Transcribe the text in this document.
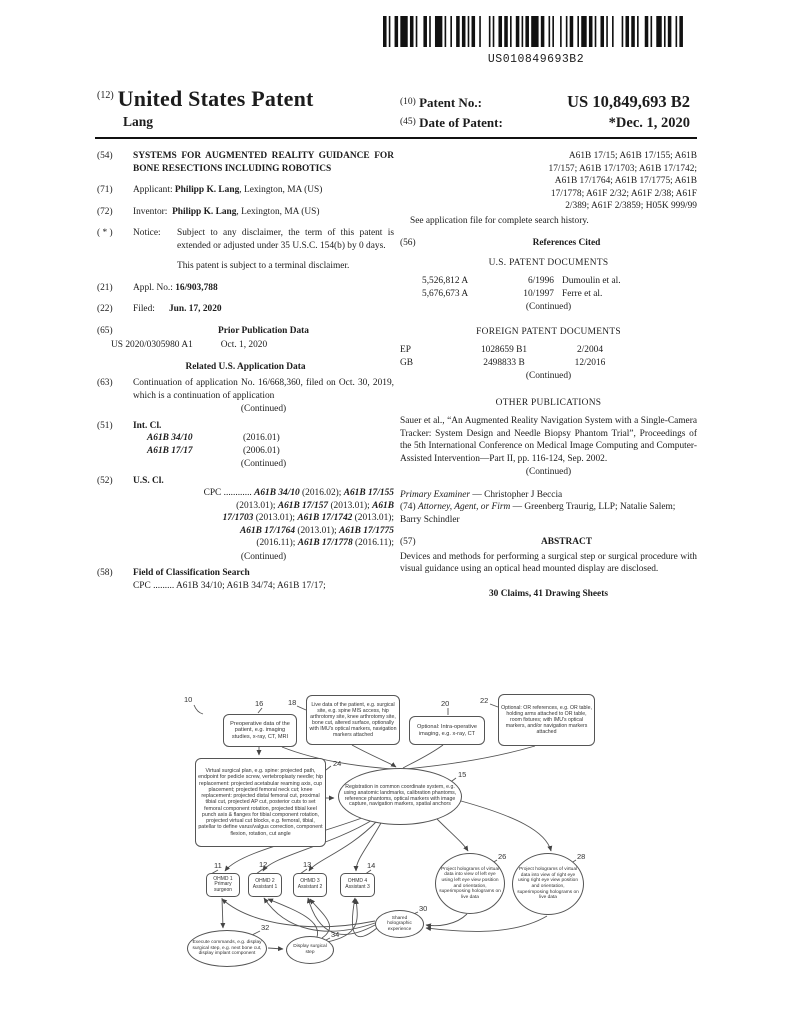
US010849693B2
$^{(12)}$ United States Patent
Lang
$^{(10)}$ Patent No.:	US 10,849,693 B2
$^{(45)}$ Date of Patent:	*Dec. 1, 2020
(54)	SYSTEMS FOR AUGMENTED REALITY GUIDANCE FOR BONE RESECTIONS INCLUDING ROBOTICS
(71)	Applicant: Philipp K. Lang, Lexington, MA (US)
(72)	Inventor: Philipp K. Lang, Lexington, MA (US)
( * )	Notice:	Subject to any disclaimer, the term of this patent is extended or adjusted under 35 U.S.C. 154(b) by 0 days.
This patent is subject to a terminal disclaimer.
(21)	Appl. No.: 16/903,788
(22)	Filed: Jun. 17, 2020
(65)	Prior Publication Data
US 2020/0305980 A1	Oct. 1, 2020
Related U.S. Application Data
(63)	Continuation of application No. 16/668,360, filed on Oct. 30, 2019, which is a continuation of application
(Continued)
(51)	Int. Cl.
A61B 34/10	(2016.01)
A61B 17/17	(2006.01)
(Continued)
(52)	U.S. Cl.
CPC ............ A61B 34/10 (2016.02); A61B 17/155
(2013.01); A61B 17/157 (2013.01); A61B
17/1703 (2013.01); A61B 17/1742 (2013.01);
A61B 17/1764 (2013.01); A61B 17/1775
(2016.11); A61B 17/1778 (2016.11);
(Continued)
(58)	Field of Classification Search
CPC ......... A61B 34/10; A61B 34/74; A61B 17/17;
A61B 17/15; A61B 17/155; A61B
17/157; A61B 17/1703; A61B 17/1742;
A61B 17/1764; A61B 17/1775; A61B
17/1778; A61F 2/32; A61F 2/38; A61F
2/389; A61F 2/3859; H05K 999/99
See application file for complete search history.
(56)	References Cited
U.S. PATENT DOCUMENTS
5,526,812 A	6/1996 Dumoulin et al.
5,676,673 A	10/1997 Ferre et al.
(Continued)
FOREIGN PATENT DOCUMENTS
EP	1028659 B1	2/2004
GB	2498833 B	12/2016
(Continued)
OTHER PUBLICATIONS
Sauer et al., “An Augmented Reality Navigation System with a Single-Camera Tracker: System Design and Needle Biopsy Phantom Trial”, Proceedings of the 5th International Conference on Medical Image Computing and Computer-Assisted Intervention—Part II, pp. 116-124, Sep. 2002.
(Continued)
Primary Examiner — Christopher J Beccia
(74) Attorney, Agent, or Firm — Greenberg Traurig, LLP; Natalie Salem; Barry Schindler
(57)	ABSTRACT
Devices and methods for performing a surgical step or surgical procedure with visual guidance using an optical head mounted display are disclosed.
30 Claims, 41 Drawing Sheets
10	16	18	20	22
24
15
11	12	13	14
26	28
30
32
34
Preoperative data of the patient, e.g. imaging studies, x-ray, CT, MRI
Live data of the patient, e.g. surgical site, e.g. spine MIS access, hip arthrotomy site, knee arthrotomy site, bone cut, altered surface, optionally with IMU's optical markers, navigation markers attached
Optional: Intra-operative imaging, e.g. x-ray, CT
Optional: OR references, e.g. OR table, holding arms attached to OR table, room fixtures; with IMU's optical markers, and/or navigation markers attached
Virtual surgical plan, e.g. spine: projected path, endpoint for pedicle screw, vertebroplasty needle; hip replacement: projected acetabular reaming axis, cup placement; projected femoral neck cut; knee replacement: projected distal femoral cut, proximal tibial cut, projected AP cut, posterior cuts to set femoral component rotation, projected tibial keel punch axis & flanges for tibial component rotation, projected virtual cut blocks, e.g. femoral, tibial, patellar to define varus/valgus correction, component flexion, rotation, cut angle
Registration in common coordinate system, e.g. using anatomic landmarks, calibration phantoms, reference phantoms, optical markers with image capture, navigation markers, spatial anchors
OHMD 1 Primary surgeon
OHMD 2 Assistant 1
OHMD 3 Assistant 2
OHMD 4 Assistant 3
Project holograms of virtual data into view of left eye using left eye view position and orientation, superimposing holograms on live data
Project holograms of virtual data into view of right eye using right eye view position and orientation, superimposing holograms on live data
Shared holographic experience
Execute commands, e.g. display surgical step, e.g. next bone cut, display implant component
Display surgical step
